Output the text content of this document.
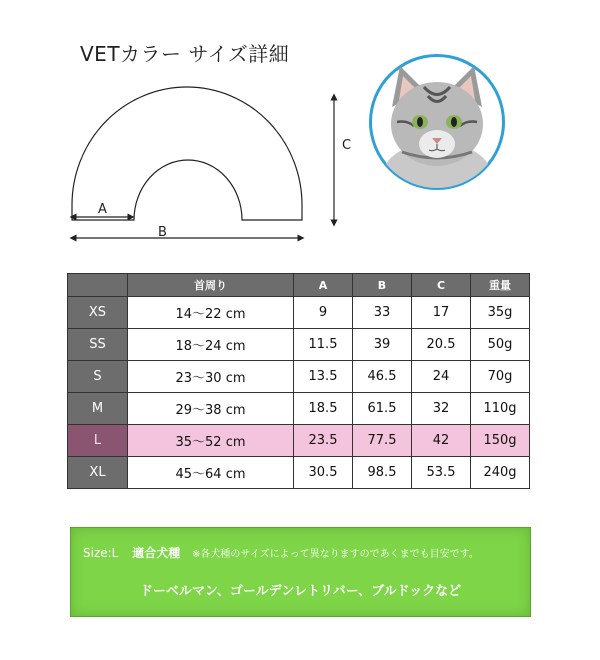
VETカラー サイズ詳細
A
B
C
	首周り	A	B	C	重量
XS	14～22 cm	9	33	17	35g
SS	18～24 cm	11.5	39	20.5	50g
S	23～30 cm	13.5	46.5	24	70g
M	29～38 cm	18.5	61.5	32	110g
L	35～52 cm	23.5	77.5	42	150g
XL	45～64 cm	30.5	98.5	53.5	240g
Size:L 適合犬種 ※各犬種のサイズによって異なりますのであくまでも目安です。
ドーベルマン、ゴールデンレトリバー、ブルドックなど
